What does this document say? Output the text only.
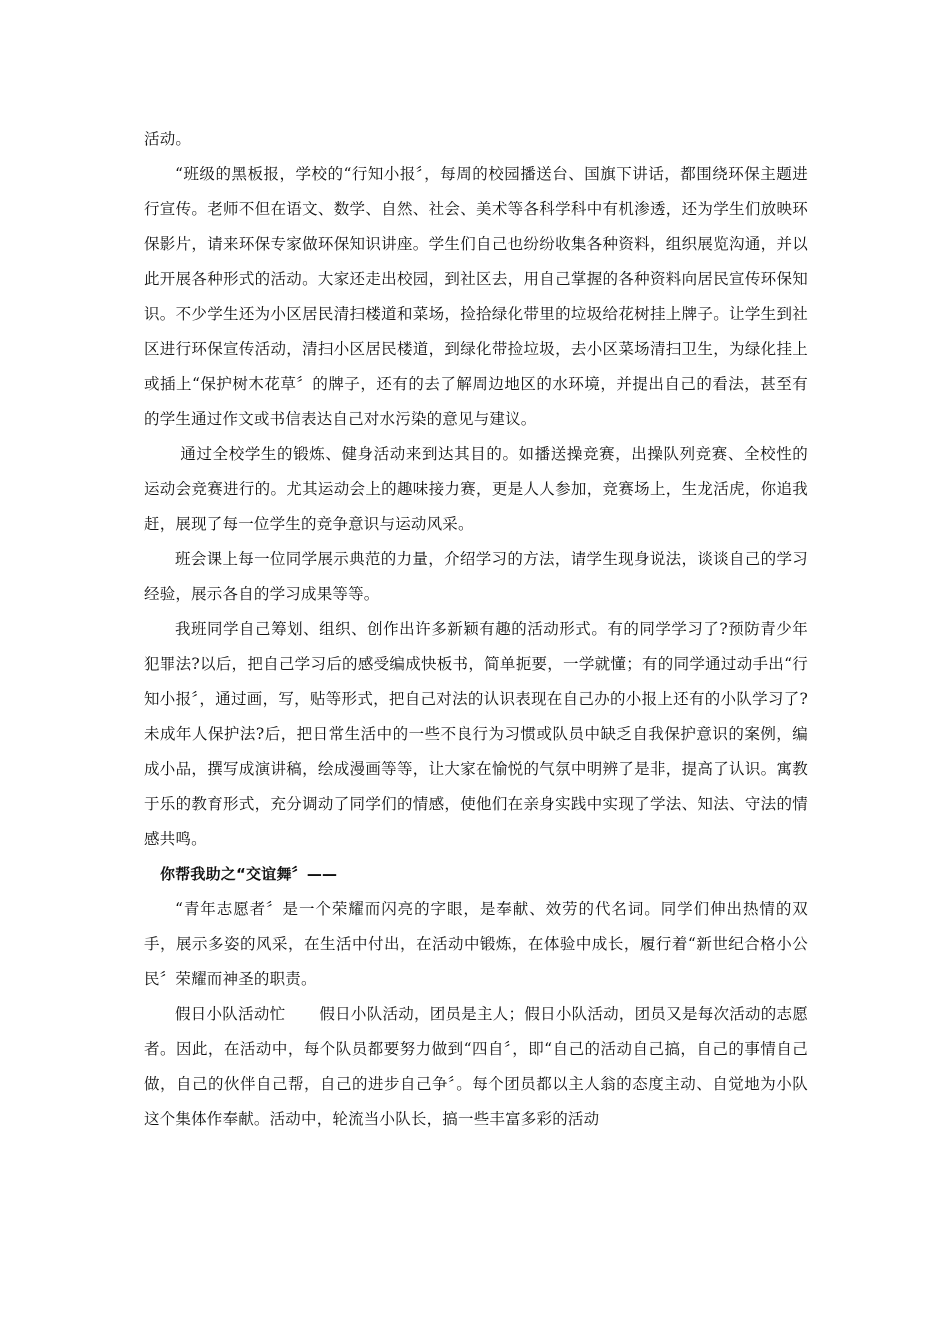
活动。

“班级的黑板报，学校的“行知小报〞，每周的校园播送台、国旗下讲话，都围绕环保主题进行宣传。老师不但在语文、数学、自然、社会、美术等各科学科中有机渗透，还为学生们放映环保影片，请来环保专家做环保知识讲座。学生们自己也纷纷收集各种资料，组织展览沟通，并以此开展各种形式的活动。大家还走出校园，到社区去，用自己掌握的各种资料向居民宣传环保知识。不少学生还为小区居民清扫楼道和菜场，捡拾绿化带里的垃圾给花树挂上牌子。让学生到社区进行环保宣传活动，清扫小区居民楼道，到绿化带捡垃圾，去小区菜场清扫卫生，为绿化挂上或插上“保护树木花草〞的牌子，还有的去了解周边地区的水环境，并提出自己的看法，甚至有的学生通过作文或书信表达自己对水污染的意见与建议。

通过全校学生的锻炼、健身活动来到达其目的。如播送操竞赛，出操队列竞赛、全校性的运动会竞赛进行的。尤其运动会上的趣味接力赛，更是人人参加，竞赛场上，生龙活虎，你追我赶，展现了每一位学生的竞争意识与运动风采。

班会课上每一位同学展示典范的力量，介绍学习的方法，请学生现身说法，谈谈自己的学习经验，展示各自的学习成果等等。

我班同学自己筹划、组织、创作出许多新颖有趣的活动形式。有的同学学习了?预防青少年犯罪法?以后，把自己学习后的感受编成快板书，简单扼要，一学就懂；有的同学通过动手出“行知小报〞，通过画，写，贴等形式，把自己对法的认识表现在自己办的小报上还有的小队学习了?未成年人保护法?后，把日常生活中的一些不良行为习惯或队员中缺乏自我保护意识的案例，编成小品，撰写成演讲稿，绘成漫画等等，让大家在愉悦的气氛中明辨了是非，提高了认识。寓教于乐的教育形式，充分调动了同学们的情感，使他们在亲身实践中实现了学法、知法、守法的情感共鸣。

你帮我助之“交谊舞〞——

“青年志愿者〞是一个荣耀而闪亮的字眼，是奉献、效劳的代名词。同学们伸出热情的双手，展示多姿的风采，在生活中付出，在活动中锻炼，在体验中成长，履行着“新世纪合格小公民〞荣耀而神圣的职责。

假日小队活动忙 假日小队活动，团员是主人；假日小队活动，团员又是每次活动的志愿者。因此，在活动中，每个队员都要努力做到“四自〞，即“自己的活动自己搞，自己的事情自己做，自己的伙伴自己帮，自己的进步自己争〞。每个团员都以主人翁的态度主动、自觉地为小队这个集体作奉献。活动中，轮流当小队长，搞一些丰富多彩的活动
